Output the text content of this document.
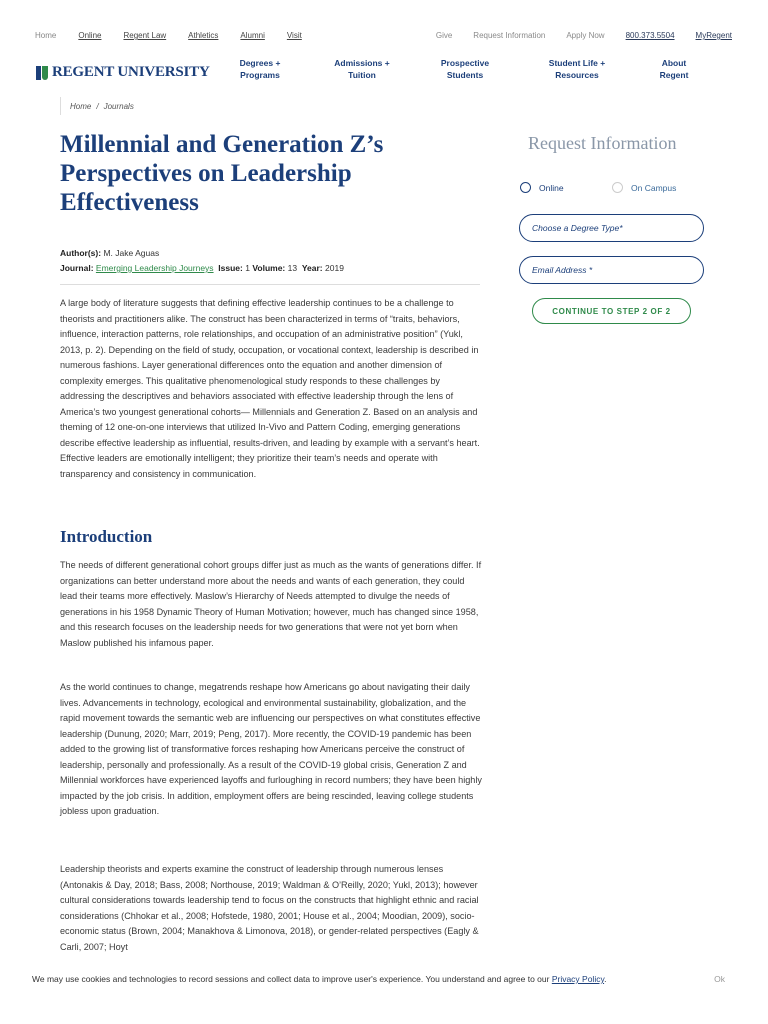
Home	Online	Regent Law	Athletics	Alumni	Visit	Give	Request Information	Apply Now	800.373.5504	MyRegent
REGENT UNIVERSITY
Degrees +
Programs
Admissions +
Tuition
Prospective
Students
Student Life +
Resources
About
Regent
Home / Journals
Millennial and Generation Z’s
Perspectives on Leadership
Effectiveness
Author(s): M. Jake Aguas
Journal: Emerging Leadership Journeys Issue: 1 Volume: 13 Year: 2019

A large body of literature suggests that defining effective leadership continues to be a challenge to theorists and practitioners alike. The construct has been characterized in terms of “traits, behaviors, influence, interaction patterns, role relationships, and occupation of an administrative position” (Yukl, 2013, p. 2). Depending on the field of study, occupation, or vocational context, leadership is described in numerous fashions. Layer generational differences onto the equation and another dimension of complexity emerges. This qualitative phenomenological study responds to these challenges by addressing the descriptives and behaviors associated with effective leadership through the lens of America’s two youngest generational cohorts— Millennials and Generation Z. Based on an analysis and theming of 12 one-on-one interviews that utilized In-Vivo and Pattern Coding, emerging generations describe effective leadership as influential, results-driven, and leading by example with a servant’s heart. Effective leaders are emotionally intelligent; they prioritize their team’s needs and operate with transparency and consistency in communication.

Introduction

The needs of different generational cohort groups differ just as much as the wants of generations differ. If organizations can better understand more about the needs and wants of each generation, they could lead their teams more effectively. Maslow’s Hierarchy of Needs attempted to divulge the needs of generations in his 1958 Dynamic Theory of Human Motivation; however, much has changed since 1958, and this research focuses on the leadership needs for two generations that were not yet born when Maslow published his infamous paper.

As the world continues to change, megatrends reshape how Americans go about navigating their daily lives. Advancements in technology, ecological and environmental sustainability, globalization, and the rapid movement towards the semantic web are influencing our perspectives on what constitutes effective leadership (Dunung, 2020; Marr, 2019; Peng, 2017). More recently, the COVID-19 pandemic has been added to the growing list of transformative forces reshaping how Americans perceive the construct of leadership, personally and professionally. As a result of the COVID-19 global crisis, Generation Z and Millennial workforces have experienced layoffs and furloughing in record numbers; they have been highly impacted by the job crisis. In addition, employment offers are being rescinded, leaving college students jobless upon graduation.

Leadership theorists and experts examine the construct of leadership through numerous lenses (Antonakis & Day, 2018; Bass, 2008; Northouse, 2019; Waldman & O’Reilly, 2020; Yukl, 2013); however cultural considerations towards leadership tend to focus on the constructs that highlight ethnic and racial considerations (Chhokar et al., 2008; Hofstede, 1980, 2001; House et al., 2004; Moodian, 2009), socio-economic status (Brown, 2004; Manakhova & Limonova, 2018), or gender-related perspectives (Eagly & Carli, 2007; Hoyt

Request Information
Online	On Campus
Choose a Degree Type*
Email Address *
CONTINUE TO STEP 2 OF 2
We may use cookies and technologies to record sessions and collect data to improve user's experience. You understand and agree to our Privacy Policy.	Ok
